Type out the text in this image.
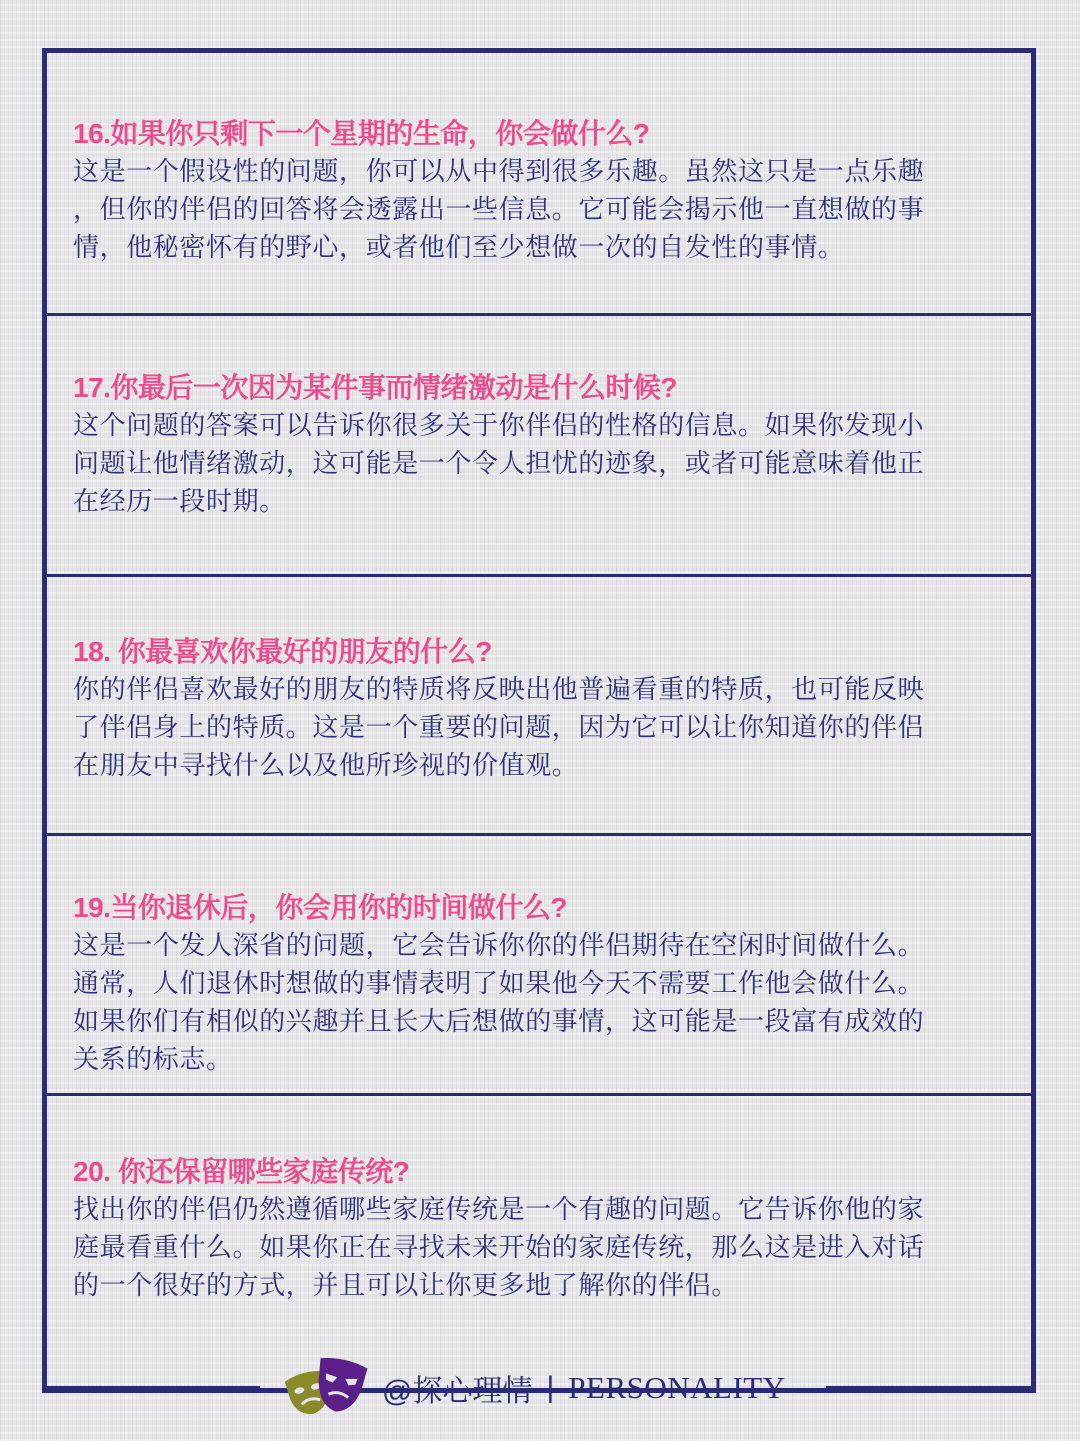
16.如果你只剩下一个星期的生命，你会做什么?

这是一个假设性的问题，你可以从中得到很多乐趣。虽然这只是一点乐趣
，但你的伴侣的回答将会透露出一些信息。它可能会揭示他一直想做的事
情，他秘密怀有的野心，或者他们至少想做一次的自发性的事情。

17.你最后一次因为某件事而情绪激动是什么时候?

这个问题的答案可以告诉你很多关于你伴侣的性格的信息。如果你发现小
问题让他情绪激动，这可能是一个令人担忧的迹象，或者可能意味着他正
在经历一段时期。

18. 你最喜欢你最好的朋友的什么?

你的伴侣喜欢最好的朋友的特质将反映出他普遍看重的特质，也可能反映
了伴侣身上的特质。这是一个重要的问题，因为它可以让你知道你的伴侣
在朋友中寻找什么以及他所珍视的价值观。

19.当你退休后，你会用你的时间做什么?

这是一个发人深省的问题，它会告诉你你的伴侣期待在空闲时间做什么。
通常，人们退休时想做的事情表明了如果他今天不需要工作他会做什么。
如果你们有相似的兴趣并且长大后想做的事情，这可能是一段富有成效的
关系的标志。

20. 你还保留哪些家庭传统?

找出你的伴侣仍然遵循哪些家庭传统是一个有趣的问题。它告诉你他的家
庭最看重什么。如果你正在寻找未来开始的家庭传统，那么这是进入对话
的一个很好的方式，并且可以让你更多地了解你的伴侣。

@探心理情 | PERSONALITY
